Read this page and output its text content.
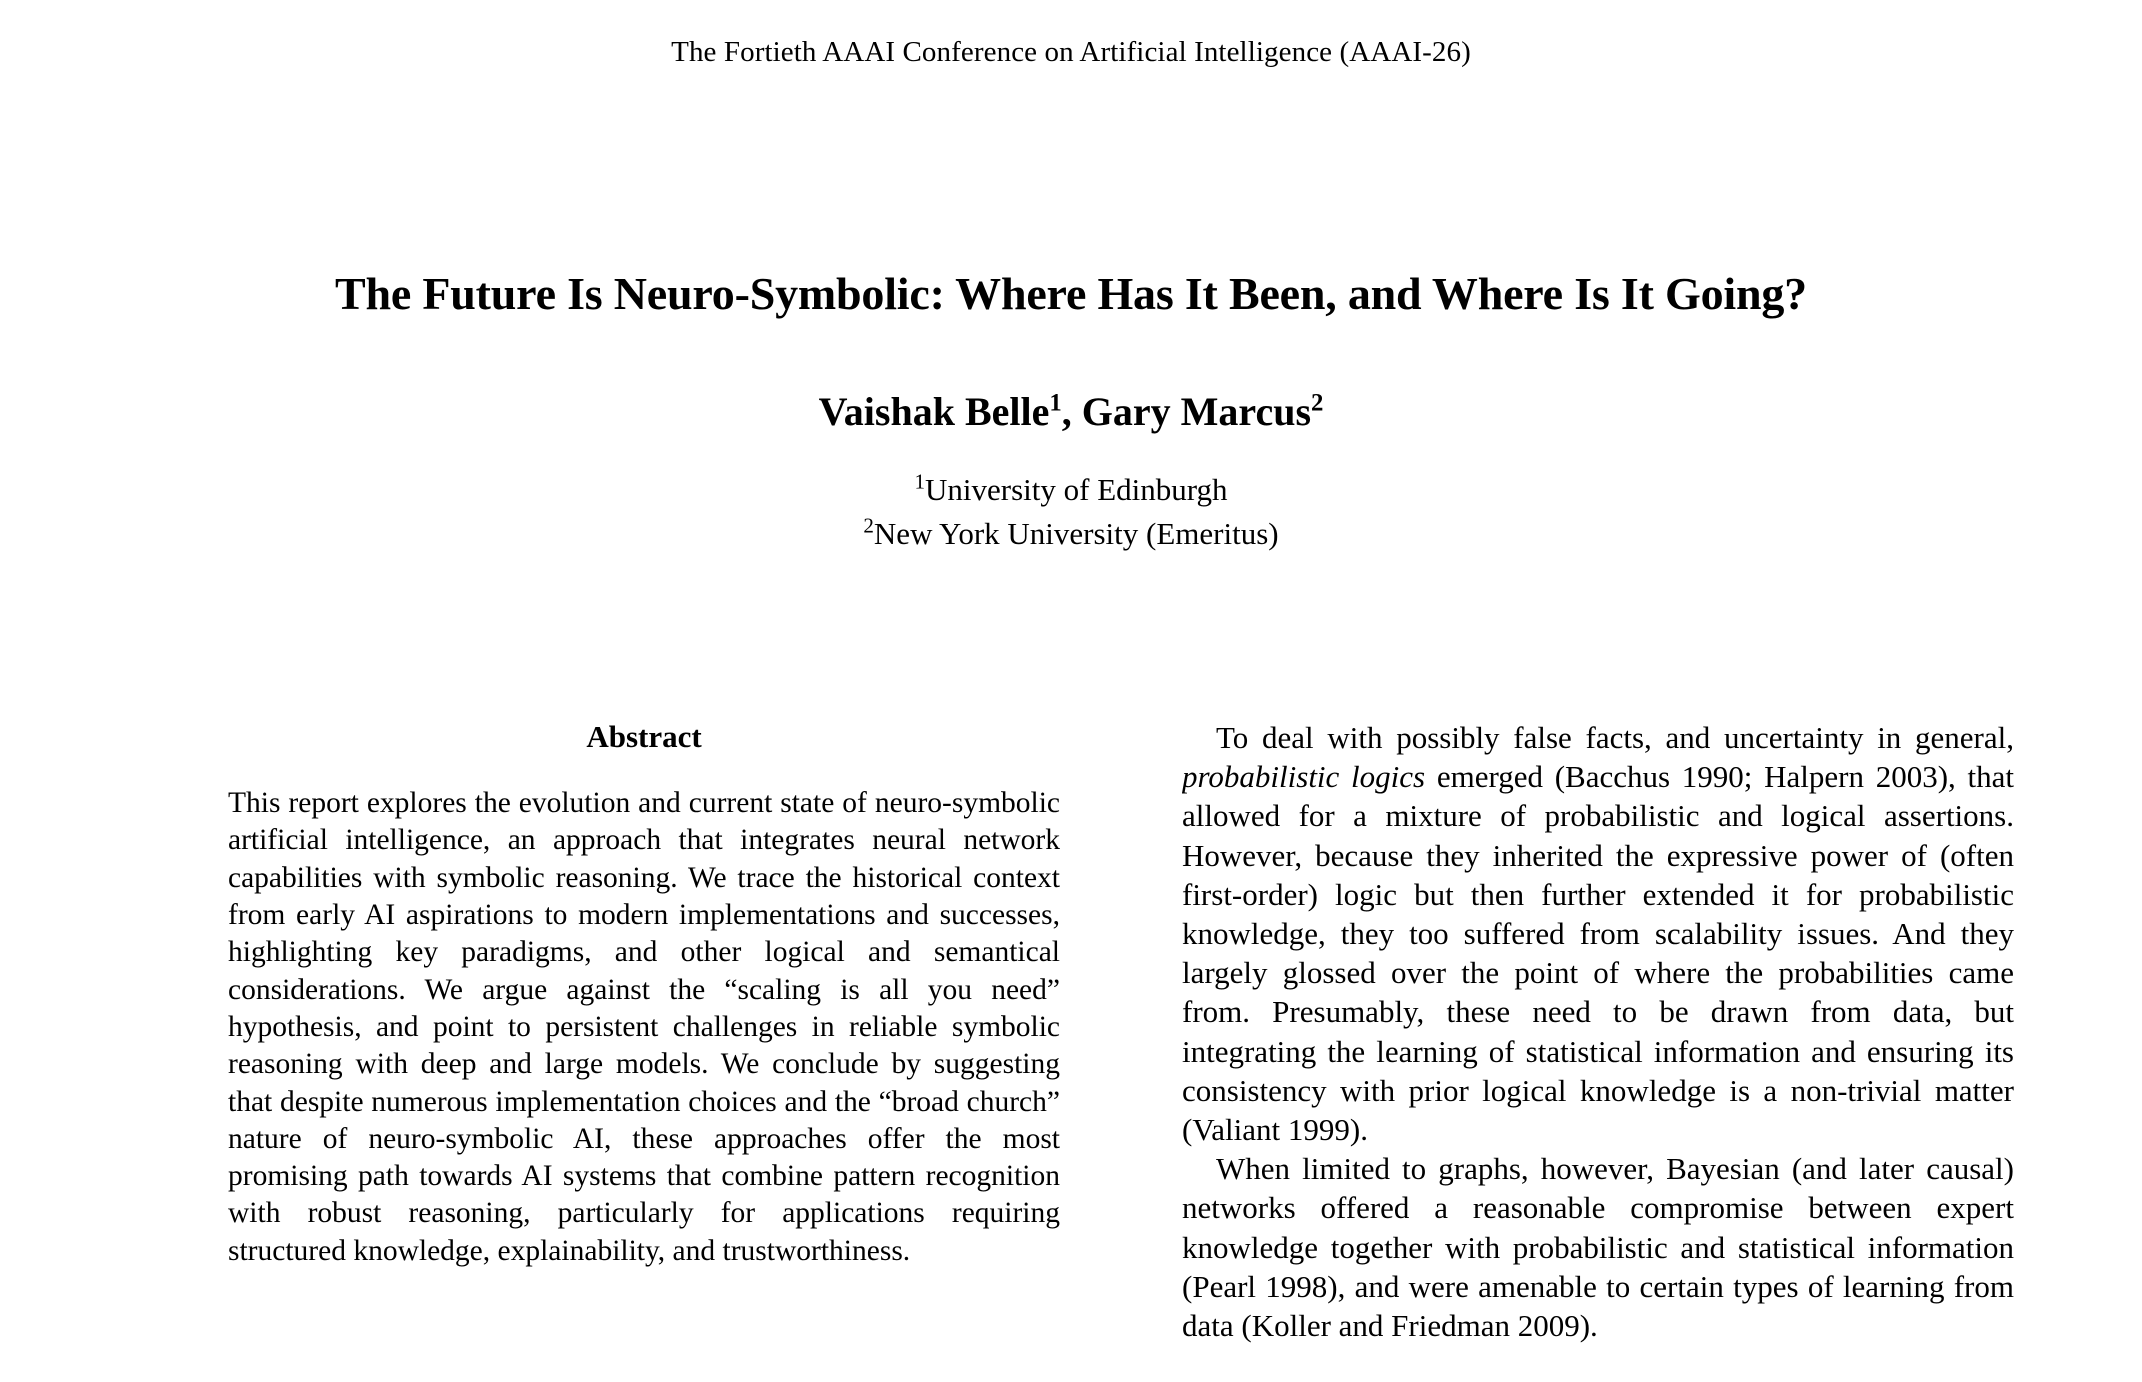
The Fortieth AAAI Conference on Artificial Intelligence (AAAI-26)
The Future Is Neuro-Symbolic: Where Has It Been, and Where Is It Going?
Vaishak Belle$^1$, Gary Marcus$^2$
$^1$University of Edinburgh
$^2$New York University (Emeritus)
Abstract

This report explores the evolution and current state of neuro-symbolic artificial intelligence, an approach that integrates neural network capabilities with symbolic reasoning. We trace the historical context from early AI aspirations to modern implementations and successes, highlighting key paradigms, and other logical and semantical considerations. We argue against the “scaling is all you need” hypothesis, and point to persistent challenges in reliable symbolic reasoning with deep and large models. We conclude by suggesting that despite numerous implementation choices and the “broad church” nature of neuro-symbolic AI, these approaches offer the most promising path towards AI systems that combine pattern recognition with robust reasoning, particularly for applications requiring structured knowledge, explainability, and trustworthiness.

To deal with possibly false facts, and uncertainty in general, probabilistic logics emerged (Bacchus 1990; Halpern 2003), that allowed for a mixture of probabilistic and logical assertions. However, because they inherited the expressive power of (often first-order) logic but then further extended it for probabilistic knowledge, they too suffered from scalability issues. And they largely glossed over the point of where the probabilities came from. Presumably, these need to be drawn from data, but integrating the learning of statistical information and ensuring its consistency with prior logical knowledge is a non-trivial matter (Valiant 1999).

When limited to graphs, however, Bayesian (and later causal) networks offered a reasonable compromise between expert knowledge together with probabilistic and statistical information (Pearl 1998), and were amenable to certain types of learning from data (Koller and Friedman 2009).
